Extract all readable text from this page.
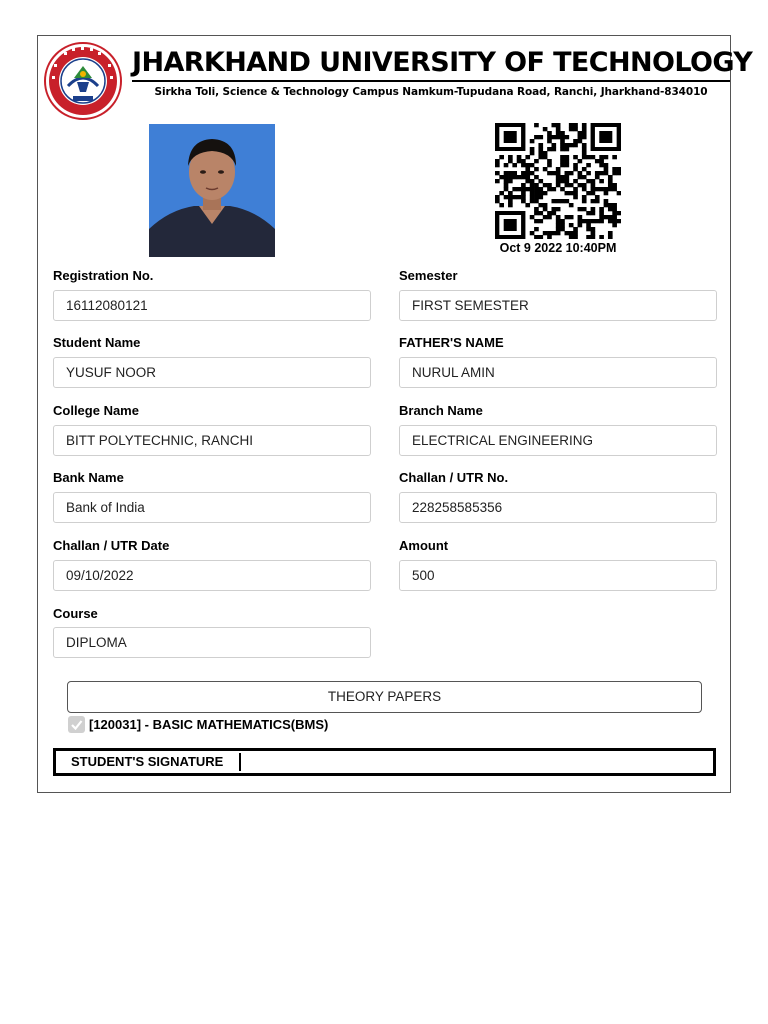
JHARKHAND UNIVERSITY OF TECHNOLOGY
Sirkha Toli, Science & Technology Campus Namkum-Tupudana Road, Ranchi, Jharkhand-834010
Oct 9 2022 10:40PM
Registration No.
16112080121
Student Name
YUSUF NOOR
College Name
BITT POLYTECHNIC, RANCHI
Bank Name
Bank of India
Challan / UTR Date
09/10/2022
Course
DIPLOMA
Semester
FIRST SEMESTER
FATHER'S NAME
NURUL AMIN
Branch Name
ELECTRICAL ENGINEERING
Challan / UTR No.
228258585356
Amount
500
THEORY PAPERS
[120031] - BASIC MATHEMATICS(BMS)
STUDENT'S SIGNATURE
